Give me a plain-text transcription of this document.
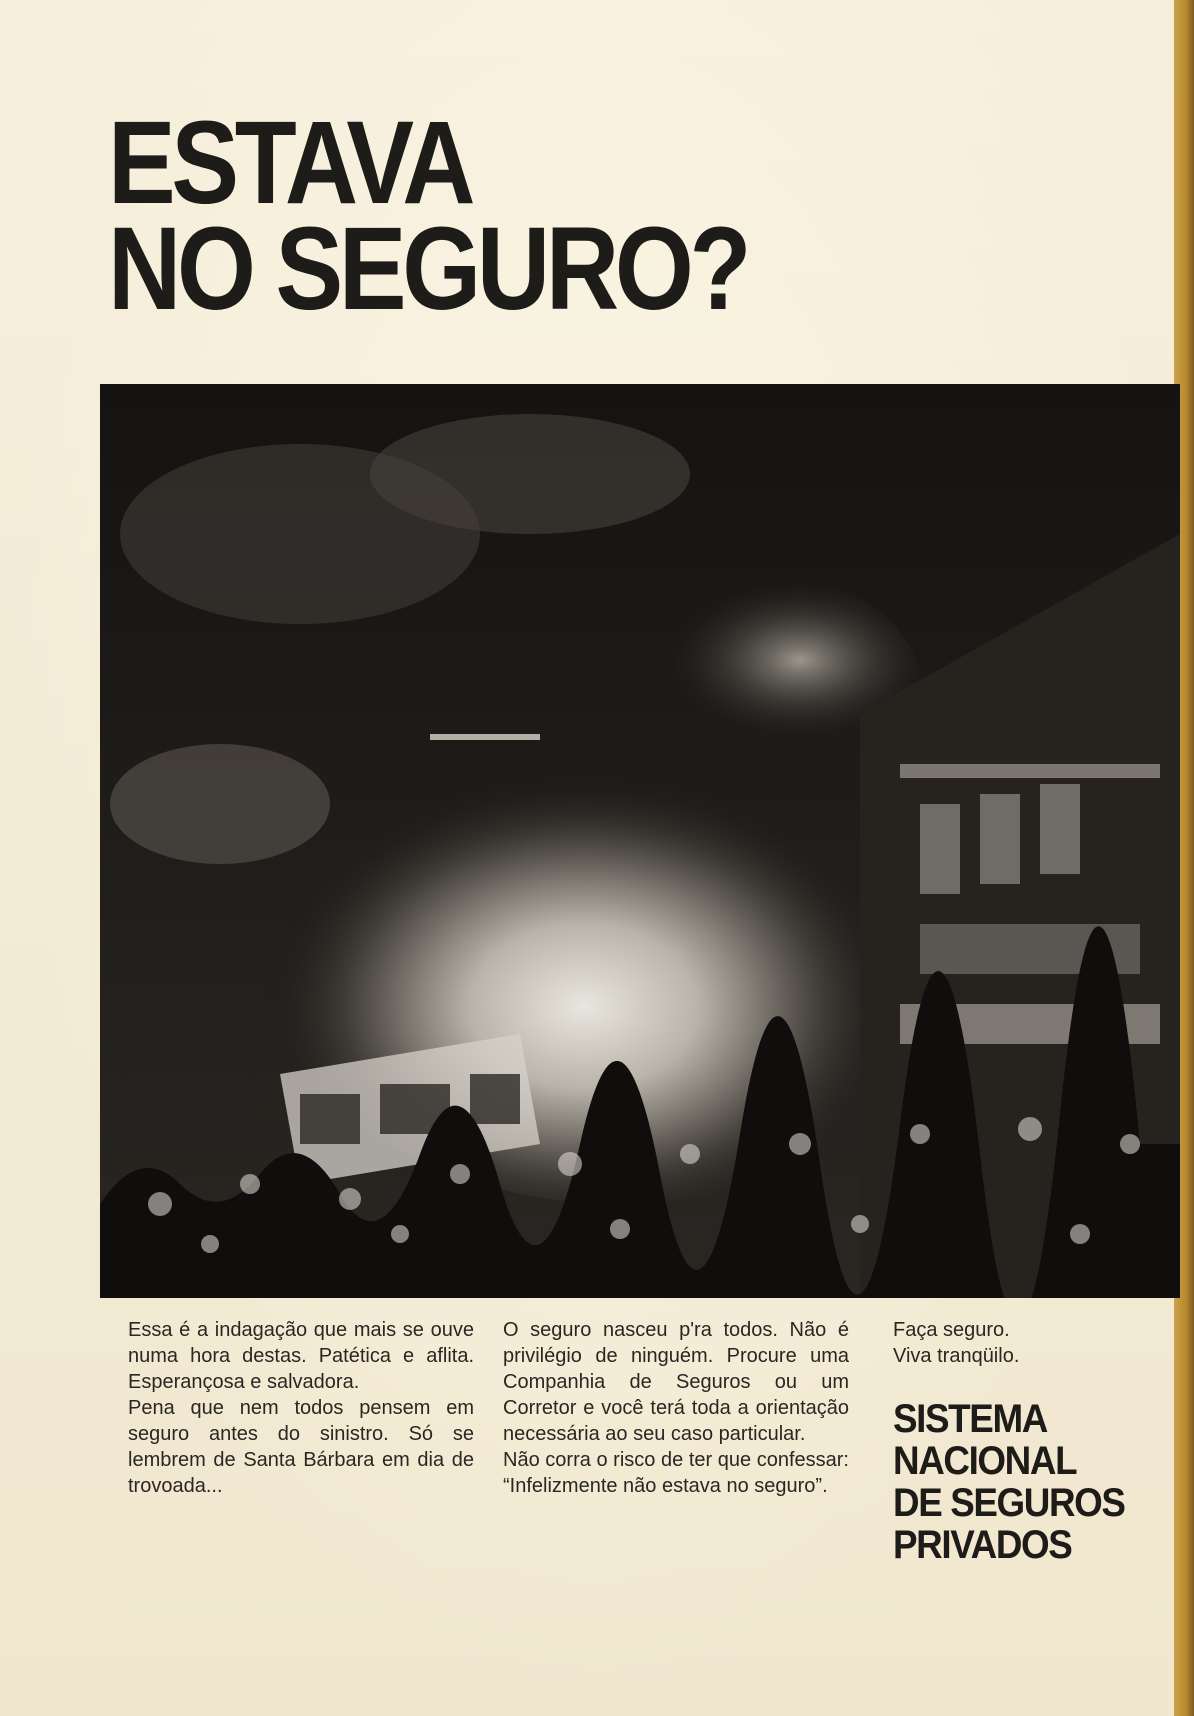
ESTAVA
NO SEGURO?

Essa é a indagação que mais se ouve numa hora destas. Patética e aflita. Esperançosa e salvadora.

Pena que nem todos pensem em seguro antes do sinistro. Só se lembrem de Santa Bárbara em dia de trovoada...

O seguro nasceu p'ra todos. Não é privilégio de ninguém. Procure uma Companhia de Seguros ou um Corretor e você terá toda a orientação necessária ao seu caso particular.

Não corra o risco de ter que confessar: “Infelizmente não estava no seguro”.

Faça seguro.

Viva tranqüilo.

SISTEMA
NACIONAL
DE SEGUROS
PRIVADOS
